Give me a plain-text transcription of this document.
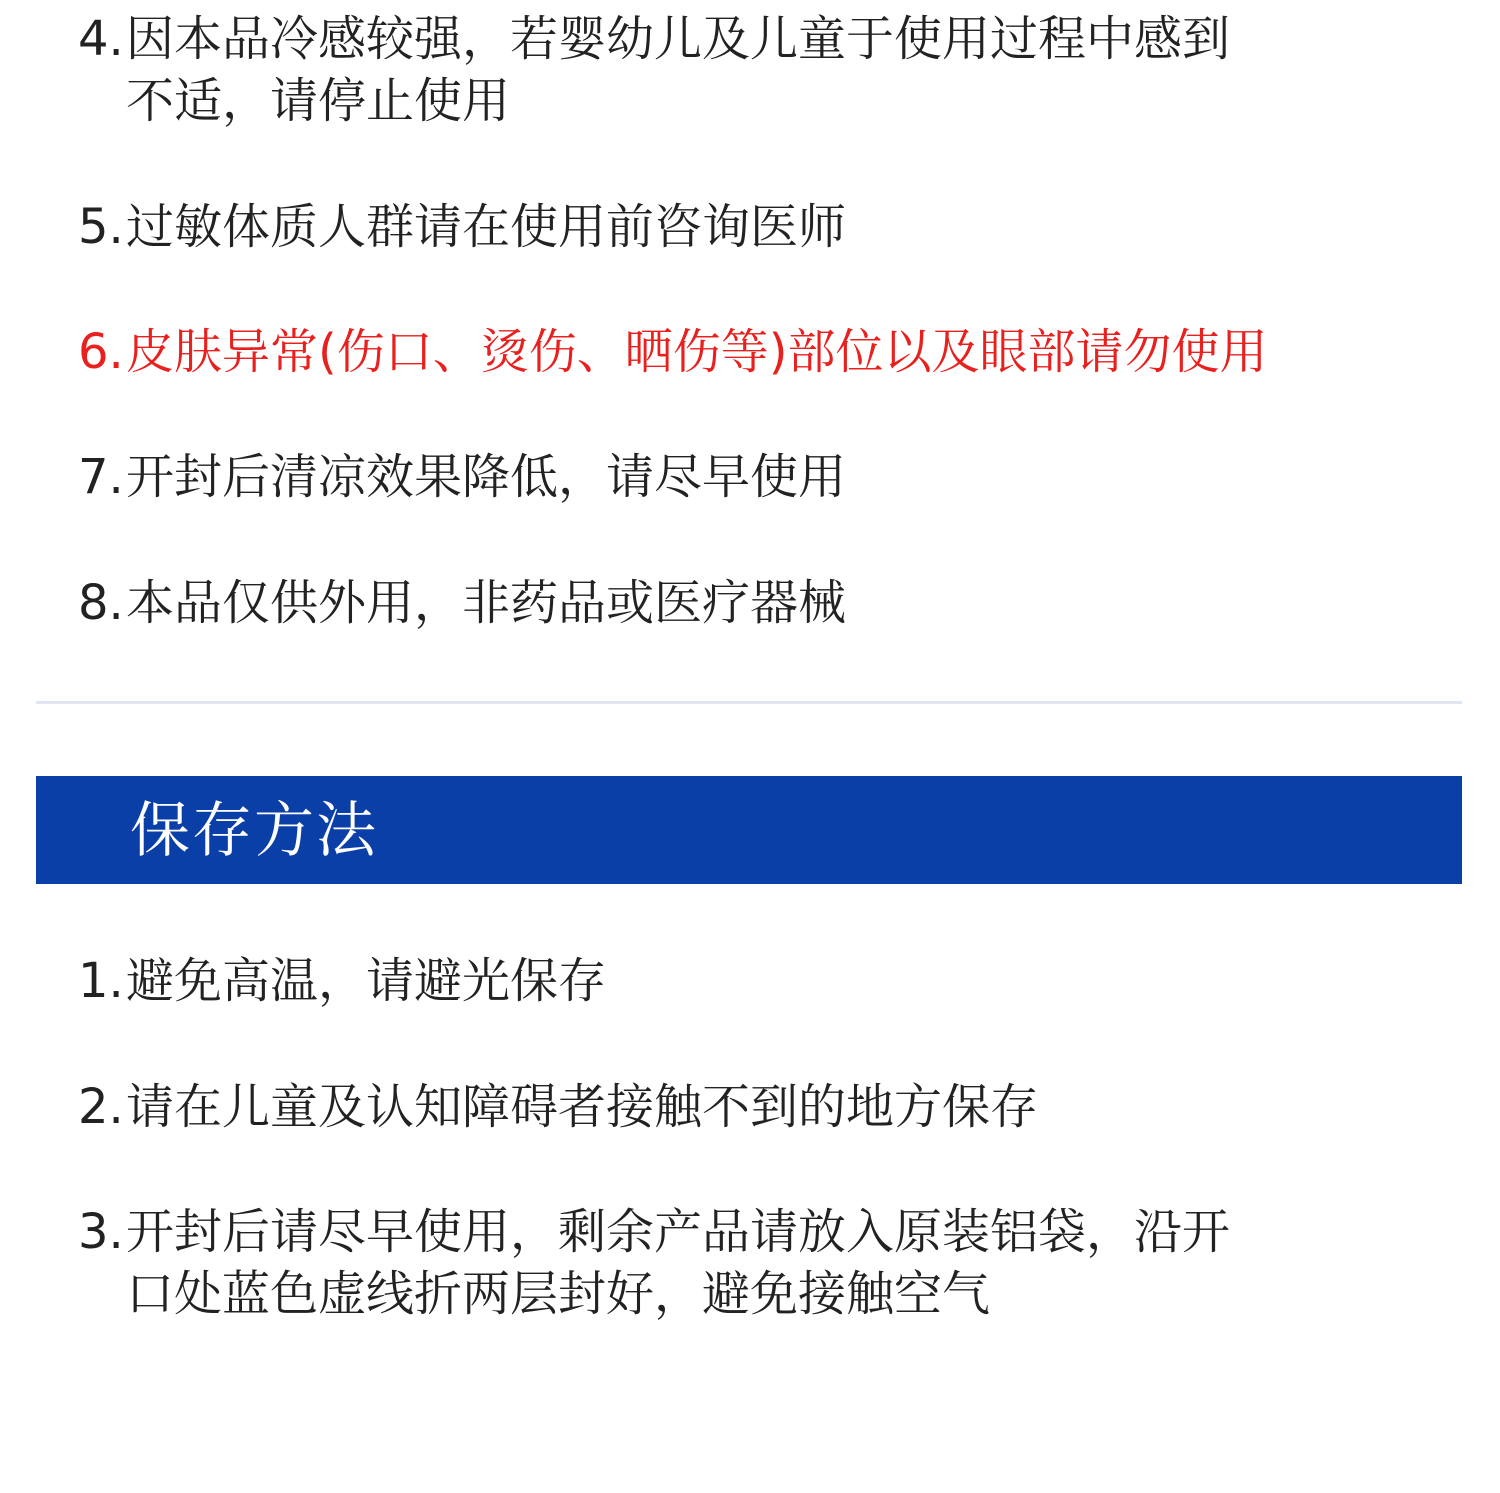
4.因本品冷感较强，若婴幼儿及儿童于使用过程中感到
不适，请停止使用
5.过敏体质人群请在使用前咨询医师
6.皮肤异常(伤口、烫伤、晒伤等)部位以及眼部请勿使用
7.开封后清凉效果降低，请尽早使用
8.本品仅供外用，非药品或医疗器械
保存方法
1.避免高温，请避光保存
2.请在儿童及认知障碍者接触不到的地方保存
3.开封后请尽早使用，剩余产品请放入原装铝袋，沿开
口处蓝色虚线折两层封好，避免接触空气
